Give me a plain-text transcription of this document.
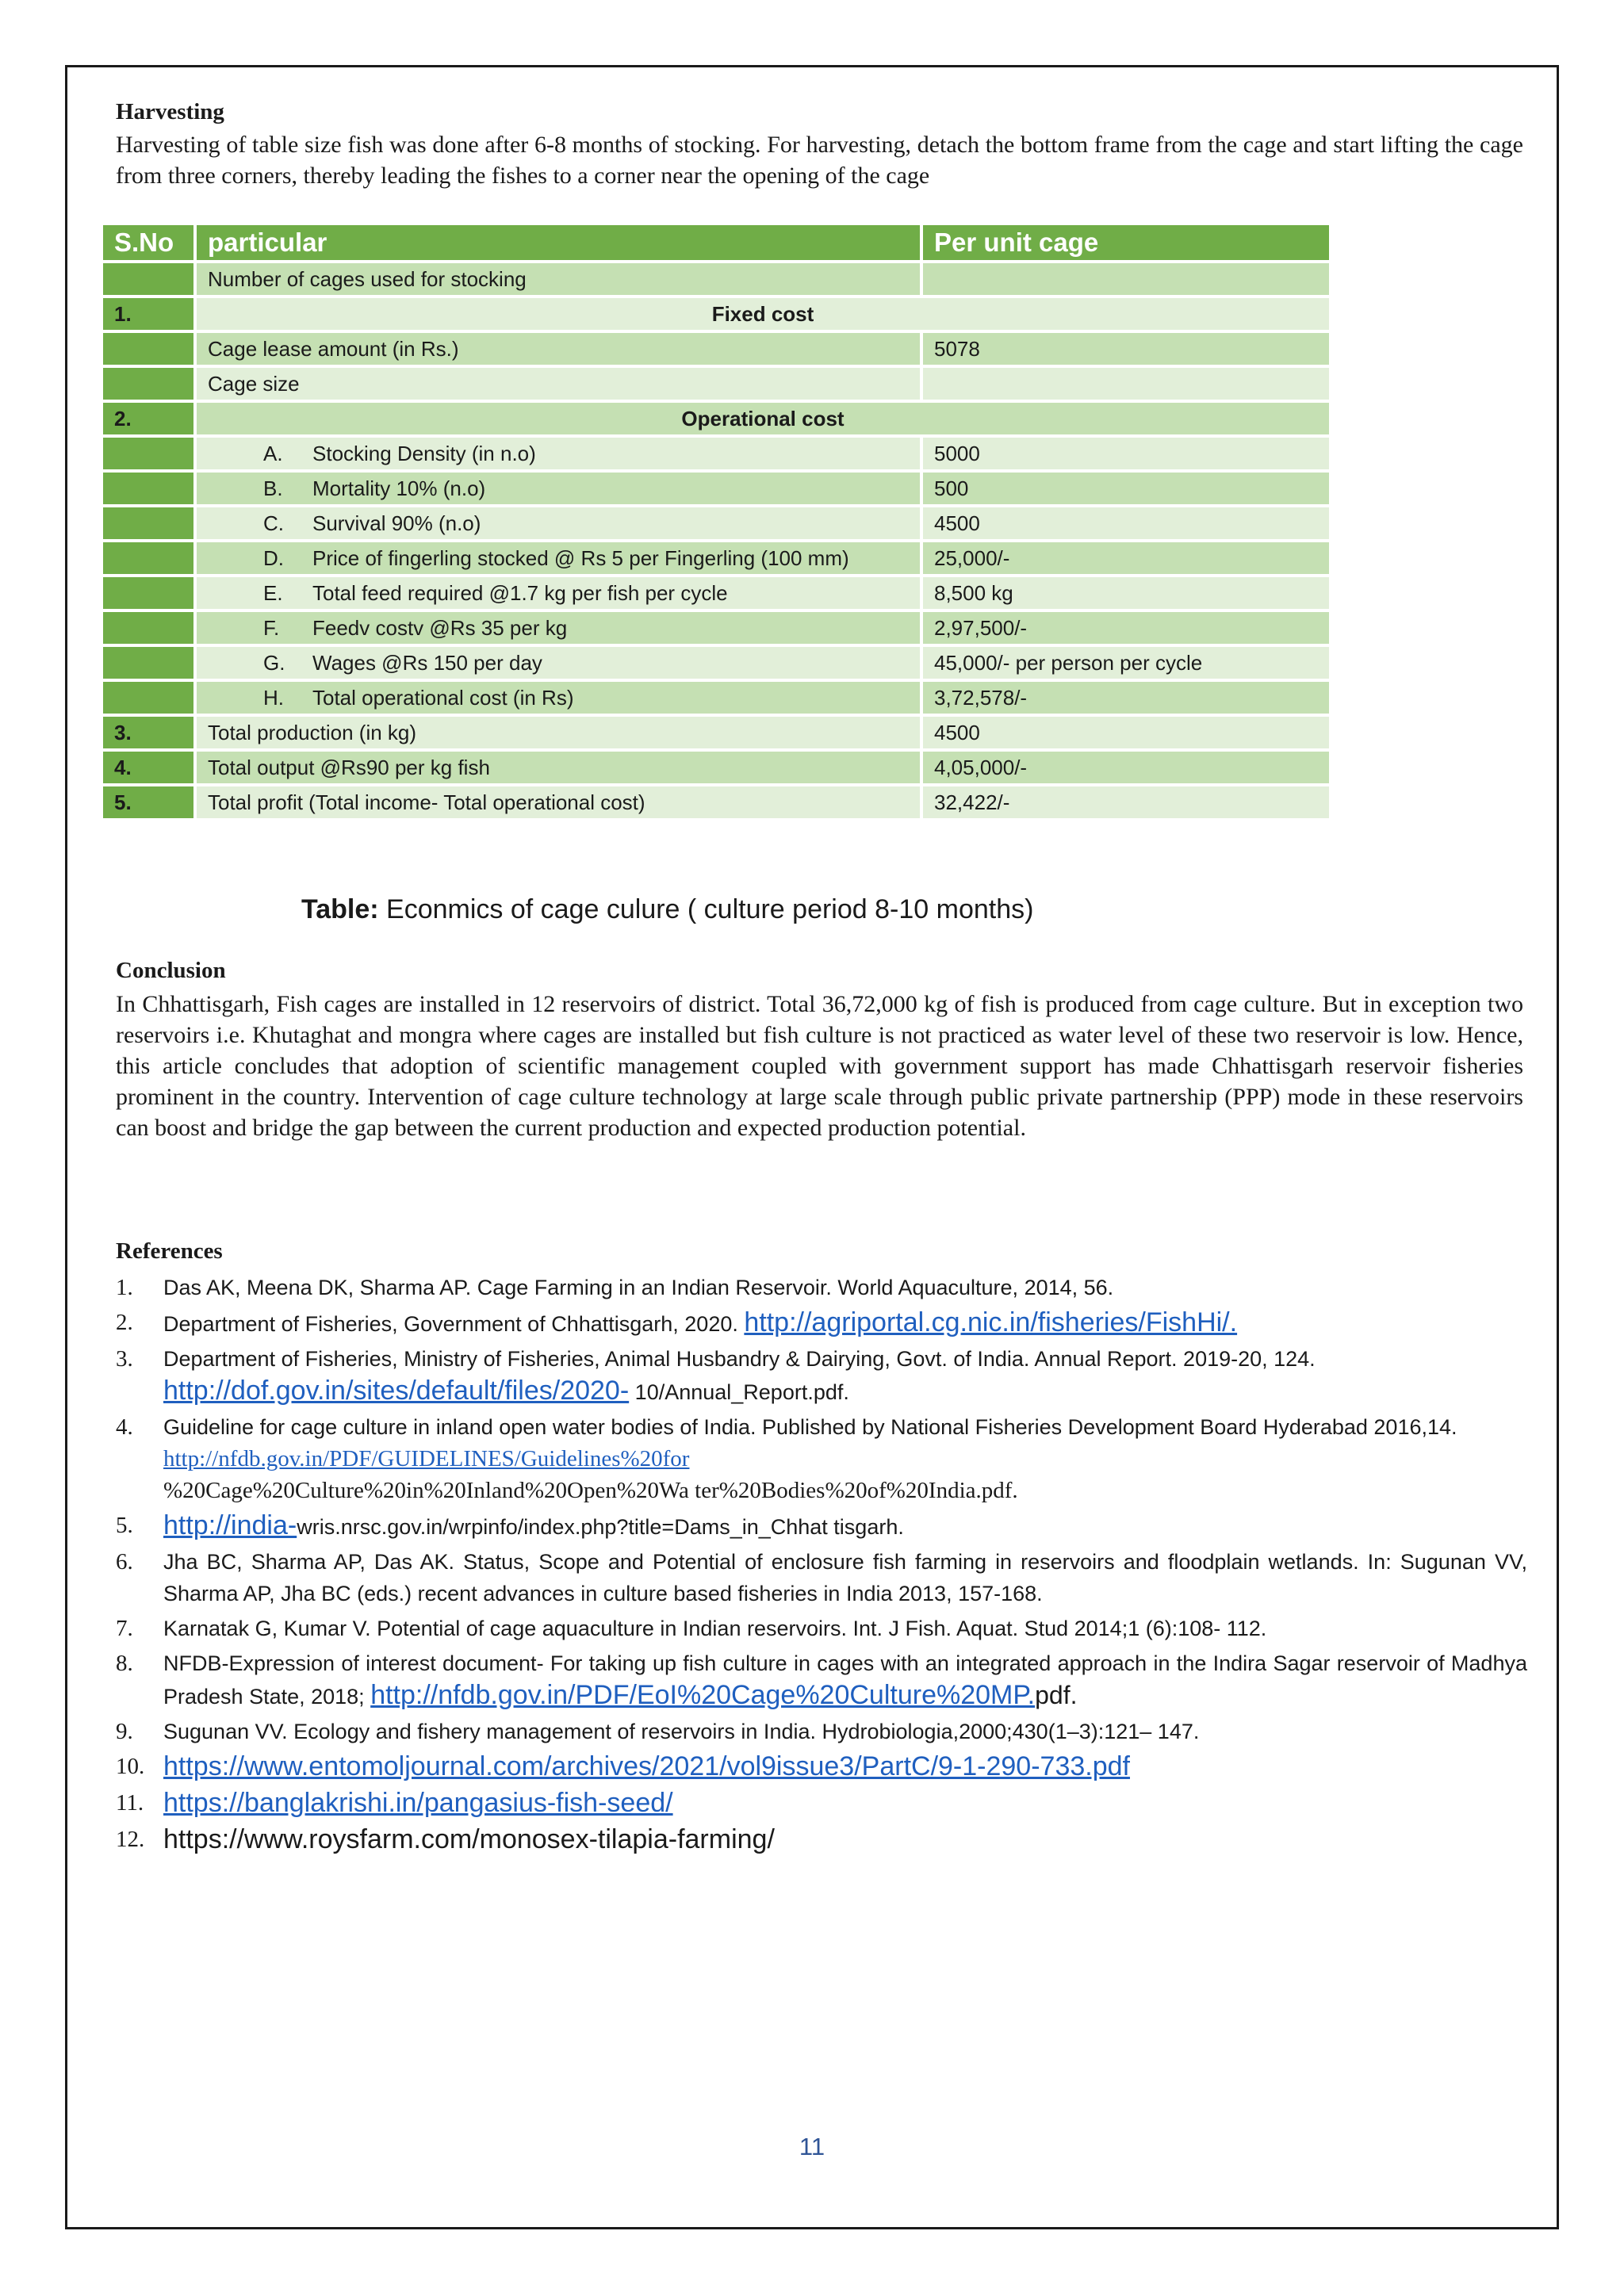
Harvesting

Harvesting of table size fish was done after 6-8 months of stocking. For harvesting, detach the bottom frame from the cage and start lifting the cage from three corners, thereby leading the fishes to a corner near the opening of the cage

S.No	particular	Per unit cage
	Number of cages used for stocking	
1.	Fixed cost	
	Cage lease amount (in Rs.)	5078
	Cage size	
2.	Operational cost	

	A. Stocking Density (in n.o)	5000

	B. Mortality 10% (n.o)	500

	C. Survival 90% (n.o)	4500

	D. Price of fingerling stocked @ Rs 5 per Fingerling (100 mm)	25,000/-

	E. Total feed required @1.7 kg per fish per cycle	8,500 kg

	F. Feedv costv @Rs 35 per kg	2,97,500/-

	G. Wages @Rs 150 per day	45,000/- per person per cycle

	H. Total operational cost (in Rs)	3,72,578/-
3.	Total production (in kg)	4500
4.	Total output @Rs90 per kg fish	4,05,000/-
5.	Total profit (Total income- Total operational cost)	32,422/-
Table: Econmics of cage culure ( culture period 8-10 months)
Conclusion

In Chhattisgarh, Fish cages are installed in 12 reservoirs of district. Total 36,72,000 kg of fish is produced from cage culture. But in exception two reservoirs i.e. Khutaghat and mongra where cages are installed but fish culture is not practiced as water level of these two reservoir is low. Hence, this article concludes that adoption of scientific management coupled with government support has made Chhattisgarh reservoir fisheries prominent in the country. Intervention of cage culture technology at large scale through public private partnership (PPP) mode in these reservoirs can boost and bridge the gap between the current production and expected production potential.

References
1.	Das AK, Meena DK, Sharma AP. Cage Farming in an Indian Reservoir. World Aquaculture, 2014, 56.
2.	Department of Fisheries, Government of Chhattisgarh, 2020. http://agriportal.cg.nic.in/fisheries/FishHi/.
3.	Department of Fisheries, Ministry of Fisheries, Animal Husbandry & Dairying, Govt. of India. Annual Report. 2019-20, 124.
http://dof.gov.in/sites/default/files/2020- 10/Annual_Report.pdf.
4.	Guideline for cage culture in inland open water bodies of India. Published by National Fisheries Development Board Hyderabad 2016,14.
http://nfdb.gov.in/PDF/GUIDELINES/Guidelines%20for
%20Cage%20Culture%20in%20Inland%20Open%20Wa ter%20Bodies%20of%20India.pdf.
5.	http://india-wris.nrsc.gov.in/wrpinfo/index.php?title=Dams_in_Chhat tisgarh.
6.	Jha BC, Sharma AP, Das AK. Status, Scope and Potential of enclosure fish farming in reservoirs and floodplain wetlands. In: Sugunan VV, Sharma AP, Jha BC (eds.) recent advances in culture based fisheries in India 2013, 157-168.
7.	Karnatak G, Kumar V. Potential of cage aquaculture in Indian reservoirs. Int. J Fish. Aquat. Stud 2014;1 (6):108- 112.
8.	NFDB-Expression of interest document- For taking up fish culture in cages with an integrated approach in the Indira Sagar reservoir of Madhya Pradesh State, 2018; http://nfdb.gov.in/PDF/EoI%20Cage%20Culture%20MP.pdf.
9.	Sugunan VV. Ecology and fishery management of reservoirs in India. Hydrobiologia,2000;430(1–3):121– 147.
10. https://www.entomoljournal.com/archives/2021/vol9issue3/PartC/9-1-290-733.pdf
11. https://banglakrishi.in/pangasius-fish-seed/
12. https://www.roysfarm.com/monosex-tilapia-farming/
11
